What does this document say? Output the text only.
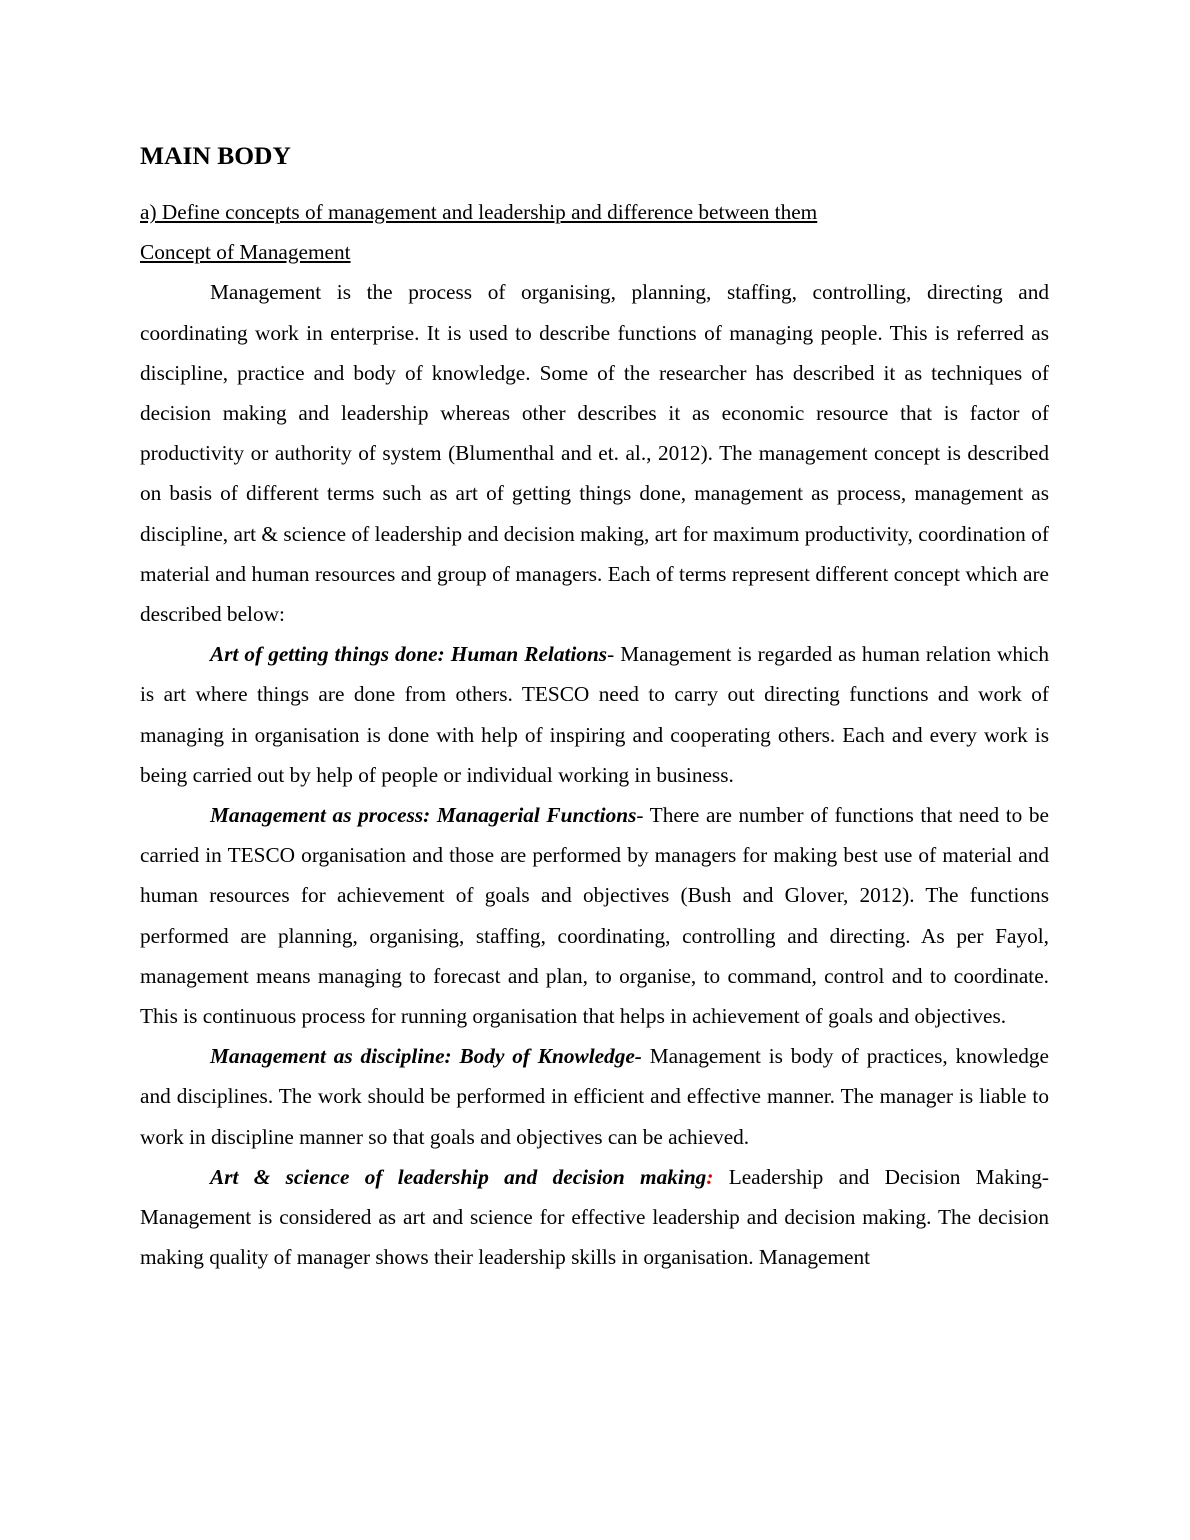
MAIN BODY
a) Define concepts of management and leadership and difference between them
Concept of Management

Management is the process of organising, planning, staffing, controlling, directing and coordinating work in enterprise. It is used to describe functions of managing people. This is referred as discipline, practice and body of knowledge. Some of the researcher has described it as techniques of decision making and leadership whereas other describes it as economic resource that is factor of productivity or authority of system (Blumenthal and et. al., 2012). The management concept is described on basis of different terms such as art of getting things done, management as process, management as discipline, art & science of leadership and decision making, art for maximum productivity, coordination of material and human resources and group of managers. Each of terms represent different concept which are described below:

Art of getting things done: Human Relations- Management is regarded as human relation which is art where things are done from others. TESCO need to carry out directing functions and work of managing in organisation is done with help of inspiring and cooperating others. Each and every work is being carried out by help of people or individual working in business.

Management as process: Managerial Functions- There are number of functions that need to be carried in TESCO organisation and those are performed by managers for making best use of material and human resources for achievement of goals and objectives (Bush and Glover, 2012). The functions performed are planning, organising, staffing, coordinating, controlling and directing. As per Fayol, management means managing to forecast and plan, to organise, to command, control and to coordinate. This is continuous process for running organisation that helps in achievement of goals and objectives.

Management as discipline: Body of Knowledge- Management is body of practices, knowledge and disciplines. The work should be performed in efficient and effective manner. The manager is liable to work in discipline manner so that goals and objectives can be achieved.

Art & science of leadership and decision making: Leadership and Decision Making- Management is considered as art and science for effective leadership and decision making. The decision making quality of manager shows their leadership skills in organisation. Management
